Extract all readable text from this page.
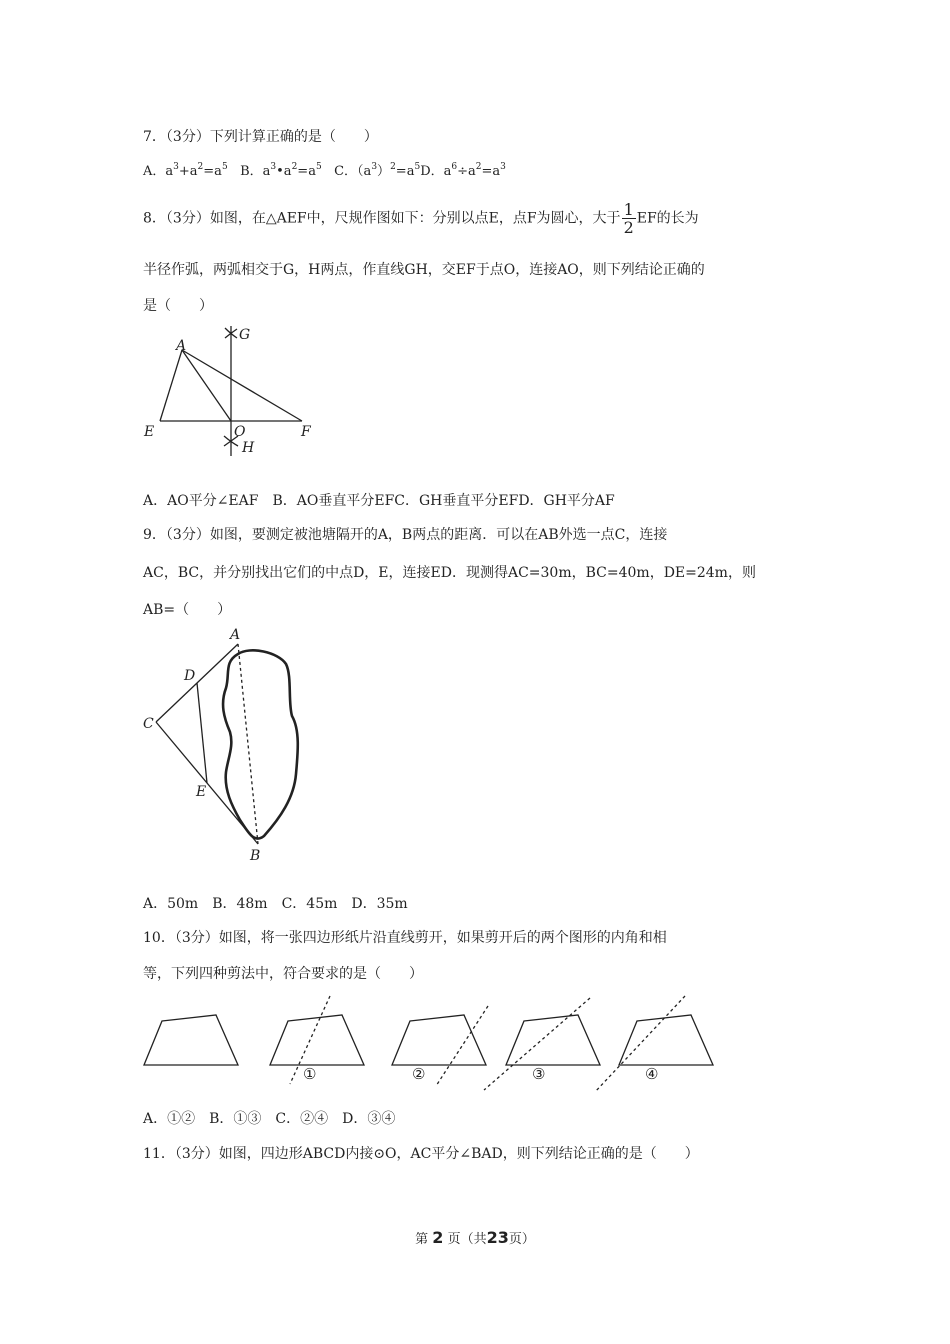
7．（3分）下列计算正确的是（　　）
A．$a^3+a^2=a^5$ B．$a^3•a^2=a^5$ C．$(a^3)^2=a^5D$．$a^6\div a^2=a^3$
8．（3分）如图，在△AEF中，尺规作图如下：分别以点E，点F为圆心，大于 $\frac{1}{2}$ EF的长为
半径作弧，两弧相交于G，H两点，作直线GH，交EF于点O，连接AO，则下列结论正确的
是（　　）
A
E	F
O
G
H
A．AO平分∠EAF　B．AO垂直平分EFC．GH垂直平分EFD．GH平分AF
9．（3分）如图，要测定被池塘隔开的A，B两点的距离．可以在AB外选一点C，连接
AC，BC，并分别找出它们的中点D，E，连接ED．现测得AC=30m，BC=40m，DE=24m，则
AB=（　　）
A
C
D
E
B
A．50m　B．48m　C．45m　D．35m
10．（3分）如图，将一张四边形纸片沿直线剪开，如果剪开后的两个图形的内角和相
等，下列四种剪法中，符合要求的是（　　）
①	②	③	④
A．①②　B．①③　C．②④　D．③④
11．（3分）如图，四边形ABCD内接⊙O，AC平分∠BAD，则下列结论正确的是（　　）
第 2 页（共23页）
